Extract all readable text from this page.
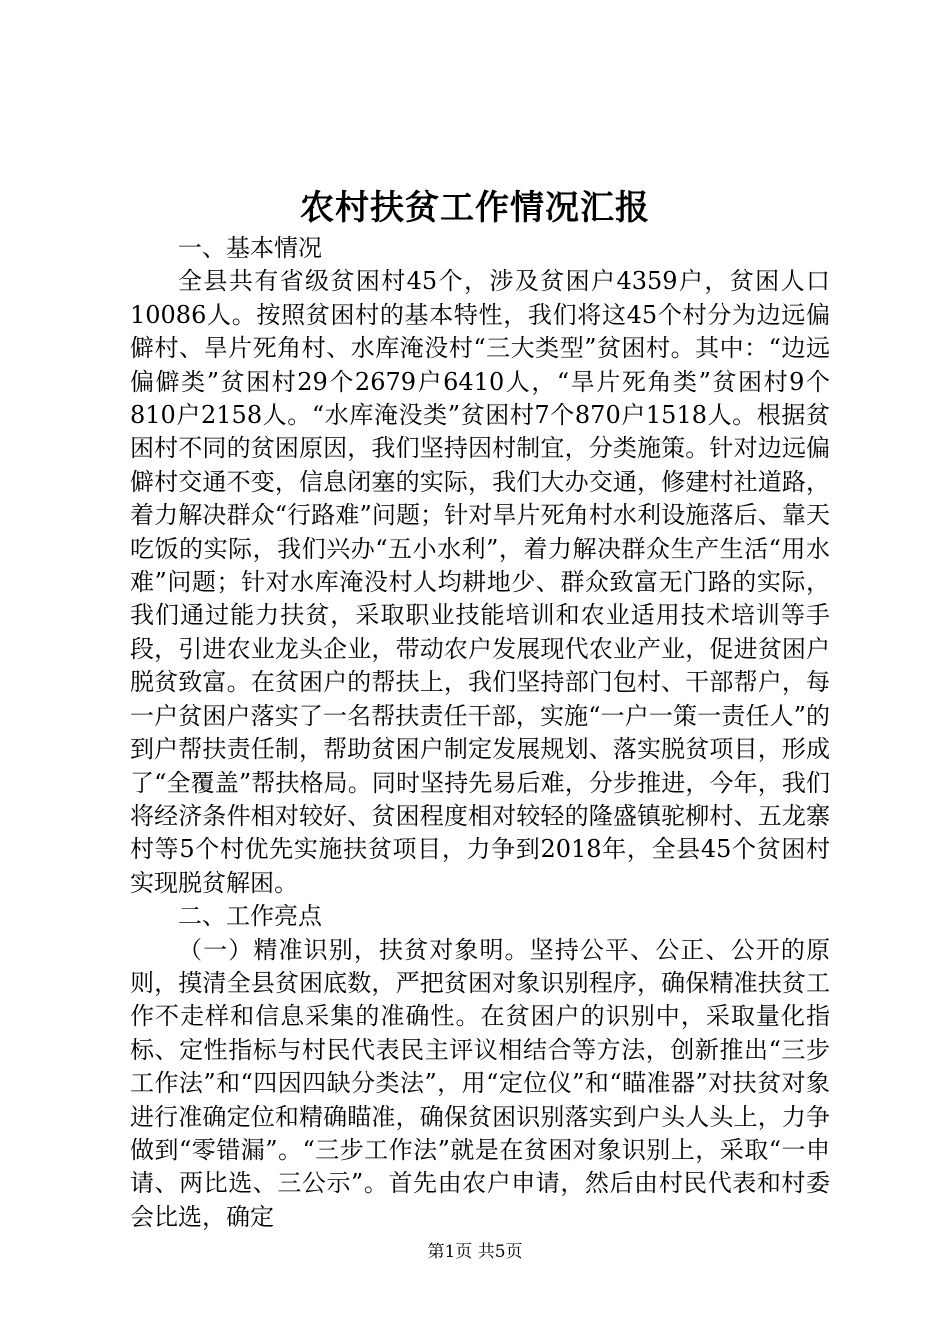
农村扶贫工作情况汇报

一、基本情况

全县共有省级贫困村45个，涉及贫困户4359户，贫困人口10086人。按照贫困村的基本特性，我们将这45个村分为边远偏僻村、旱片死角村、水库淹没村“三大类型”贫困村。其中：“边远偏僻类”贫困村29个2679户6410人，“旱片死角类”贫困村9个810户2158人。“水库淹没类”贫困村7个870户1518人。根据贫困村不同的贫困原因，我们坚持因村制宜，分类施策。针对边远偏僻村交通不变，信息闭塞的实际，我们大办交通，修建村社道路，着力解决群众“行路难”问题；针对旱片死角村水利设施落后、靠天吃饭的实际，我们兴办“五小水利”，着力解决群众生产生活“用水难”问题；针对水库淹没村人均耕地少、群众致富无门路的实际，我们通过能力扶贫，采取职业技能培训和农业适用技术培训等手段，引进农业龙头企业，带动农户发展现代农业产业，促进贫困户脱贫致富。在贫困户的帮扶上，我们坚持部门包村、干部帮户，每一户贫困户落实了一名帮扶责任干部，实施“一户一策一责任人”的到户帮扶责任制，帮助贫困户制定发展规划、落实脱贫项目，形成了“全覆盖”帮扶格局。同时坚持先易后难，分步推进，今年，我们将经济条件相对较好、贫困程度相对较轻的隆盛镇驼柳村、五龙寨村等5个村优先实施扶贫项目，力争到2018年，全县45个贫困村实现脱贫解困。

二、工作亮点

（一）精准识别，扶贫对象明。坚持公平、公正、公开的原则，摸清全县贫困底数，严把贫困对象识别程序，确保精准扶贫工作不走样和信息采集的准确性。在贫困户的识别中，采取量化指标、定性指标与村民代表民主评议相结合等方法，创新推出“三步工作法”和“四因四缺分类法”，用“定位仪”和“瞄准器”对扶贫对象进行准确定位和精确瞄准，确保贫困识别落实到户头人头上，力争做到“零错漏”。“三步工作法”就是在贫困对象识别上，采取“一申请、两比选、三公示”。首先由农户申请，然后由村民代表和村委会比选，确定

第1页 共5页
